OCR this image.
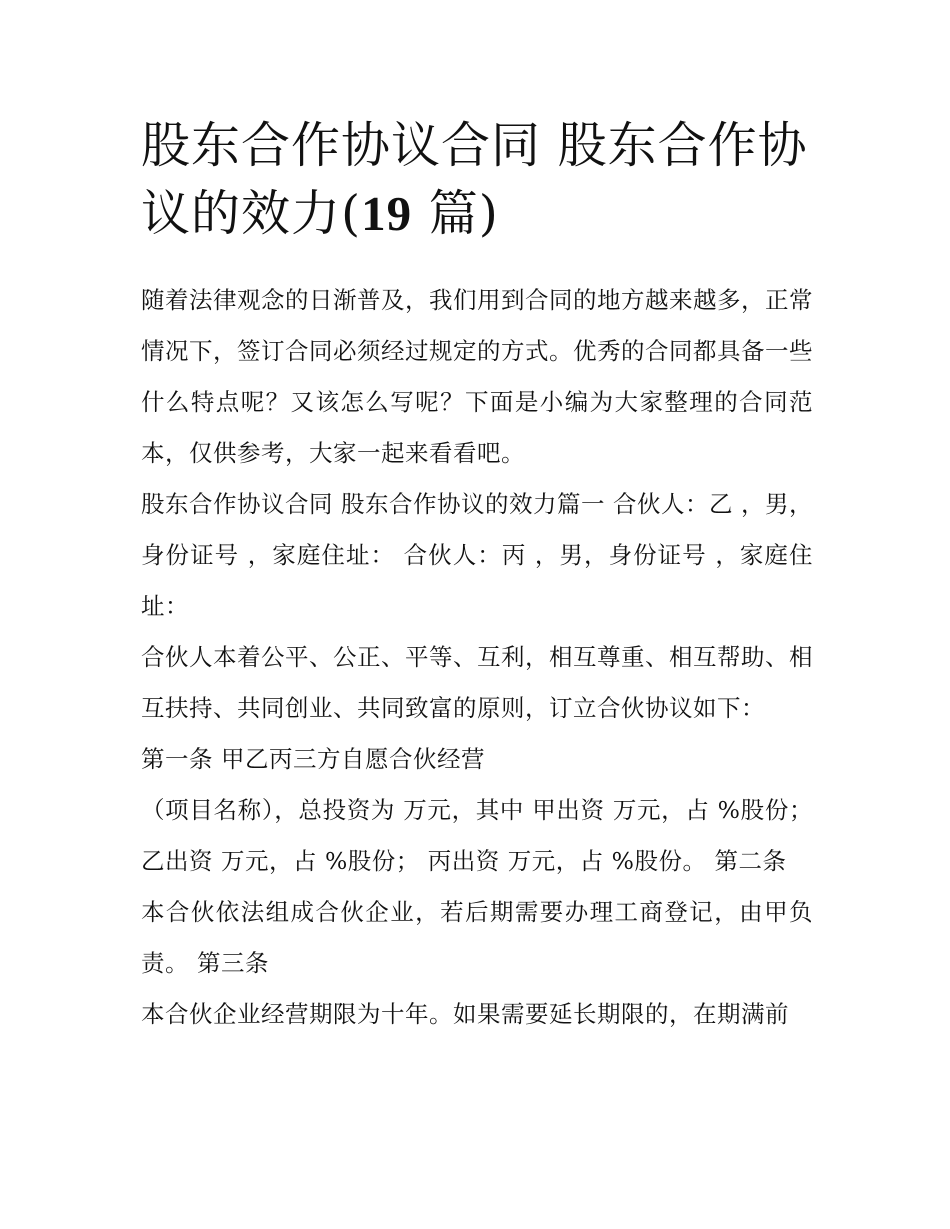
股东合作协议合同 股东合作协议的效力(19 篇)

随着法律观念的日渐普及，我们用到合同的地方越来越多，正常情况下，签订合同必须经过规定的方式。优秀的合同都具备一些什么特点呢？又该怎么写呢？下面是小编为大家整理的合同范本，仅供参考，大家一起来看看吧。

股东合作协议合同 股东合作协议的效力篇一 合伙人：乙 ，男，身份证号 ，家庭住址： 合伙人：丙 ，男，身份证号 ，家庭住址：

合伙人本着公平、公正、平等、互利，相互尊重、相互帮助、相互扶持、共同创业、共同致富的原则，订立合伙协议如下：

第一条 甲乙丙三方自愿合伙经营

（项目名称），总投资为 万元，其中 甲出资 万元，占 %股份； 乙出资 万元，占 %股份； 丙出资 万元，占 %股份。 第二条

本合伙依法组成合伙企业，若后期需要办理工商登记，由甲负责。 第三条

本合伙企业经营期限为十年。如果需要延长期限的，在期满前
